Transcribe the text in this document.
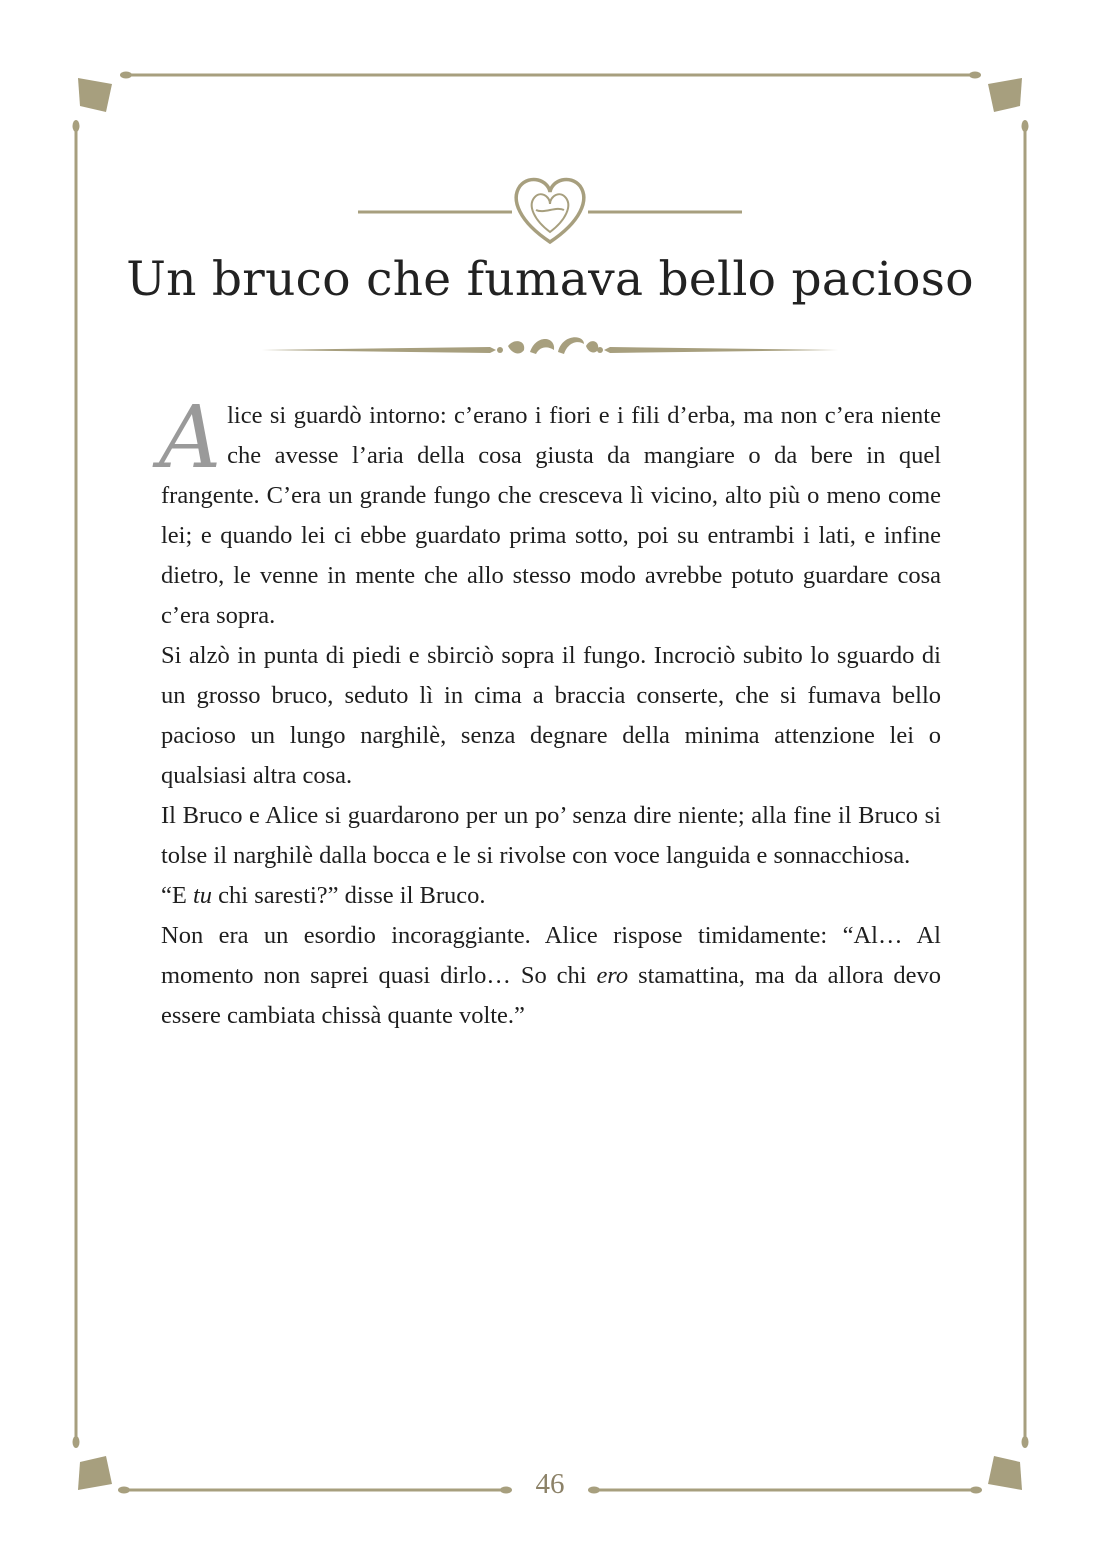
Un bruco che fumava bello pacioso

Alice si guardò intorno: c’erano i fiori e i fili d’erba, ma non c’era niente che avesse l’aria della cosa giusta da mangiare o da bere in quel frangente. C’era un grande fungo che cresceva lì vicino, alto più o meno come lei; e quando lei ci ebbe guardato prima sotto, poi su entrambi i lati, e infine dietro, le venne in mente che allo stesso modo avrebbe potuto guardare cosa c’era sopra.

Si alzò in punta di piedi e sbirciò sopra il fungo. Incrociò subito lo sguardo di un grosso bruco, seduto lì in cima a braccia conserte, che si fumava bello pacioso un lungo narghilè, senza degnare della minima attenzione lei o qualsiasi altra cosa.

Il Bruco e Alice si guardarono per un po’ senza dire niente; alla fine il Bruco si tolse il narghilè dalla bocca e le si rivolse con voce languida e sonnacchiosa.

“E tu chi saresti?” disse il Bruco.

Non era un esordio incoraggiante. Alice rispose timidamente: “Al… Al momento non saprei quasi dirlo… So chi ero stamattina, ma da allora devo essere cambiata chissà quante volte.”

46
